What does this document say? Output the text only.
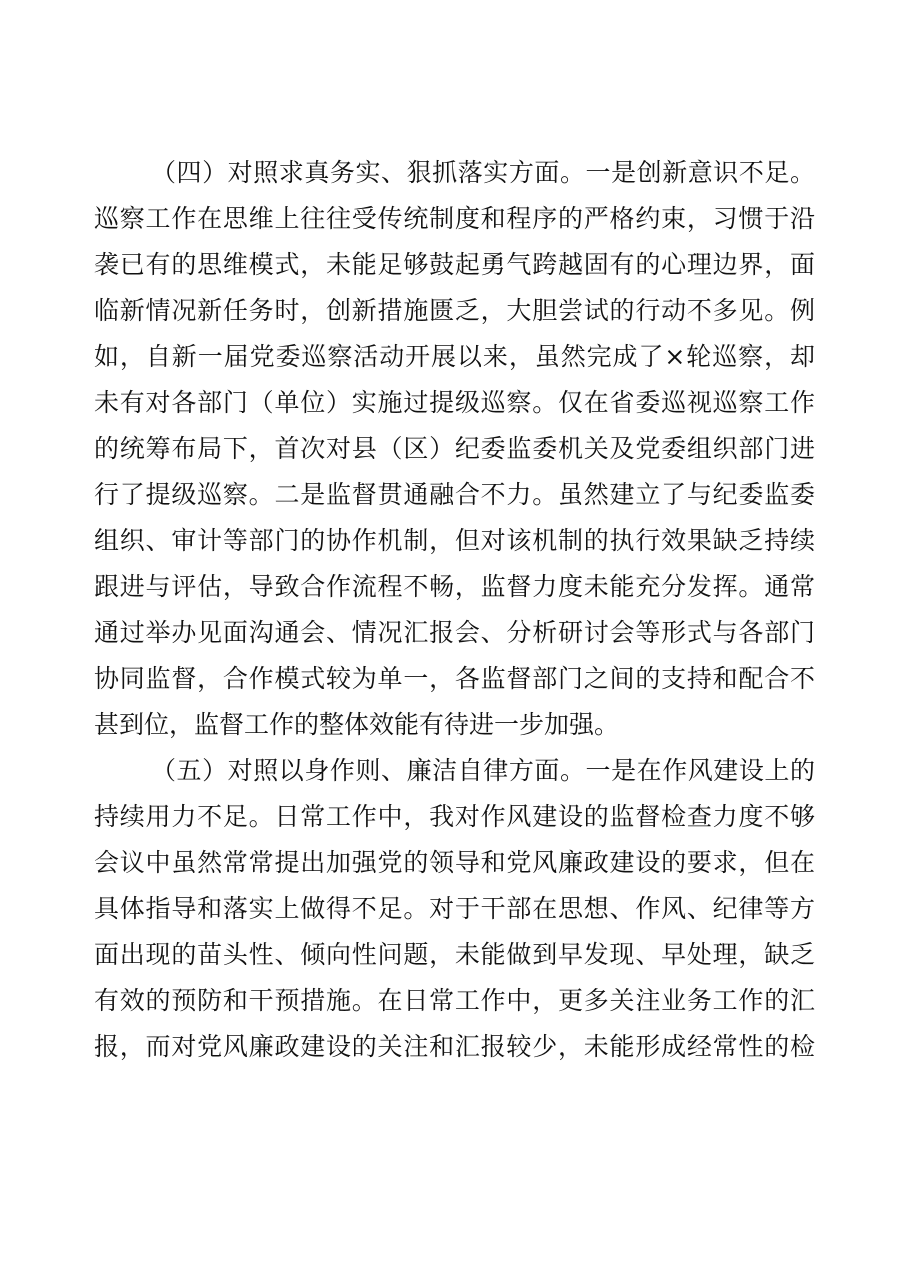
（四）对照求真务实、狠抓落实方面。一是创新意识不足。
巡察工作在思维上往往受传统制度和程序的严格约束，习惯于沿
袭已有的思维模式，未能足够鼓起勇气跨越固有的心理边界，面
临新情况新任务时，创新措施匮乏，大胆尝试的行动不多见。例
如，自新一届党委巡察活动开展以来，虽然完成了×轮巡察，却
未有对各部门（单位）实施过提级巡察。仅在省委巡视巡察工作
的统筹布局下，首次对县（区）纪委监委机关及党委组织部门进
行了提级巡察。二是监督贯通融合不力。虽然建立了与纪委监委
组织、审计等部门的协作机制，但对该机制的执行效果缺乏持续
跟进与评估，导致合作流程不畅，监督力度未能充分发挥。通常
通过举办见面沟通会、情况汇报会、分析研讨会等形式与各部门
协同监督，合作模式较为单一，各监督部门之间的支持和配合不
甚到位，监督工作的整体效能有待进一步加强。
（五）对照以身作则、廉洁自律方面。一是在作风建设上的
持续用力不足。日常工作中，我对作风建设的监督检查力度不够
会议中虽然常常提出加强党的领导和党风廉政建设的要求，但在
具体指导和落实上做得不足。对于干部在思想、作风、纪律等方
面出现的苗头性、倾向性问题，未能做到早发现、早处理，缺乏
有效的预防和干预措施。在日常工作中，更多关注业务工作的汇
报，而对党风廉政建设的关注和汇报较少，未能形成经常性的检
